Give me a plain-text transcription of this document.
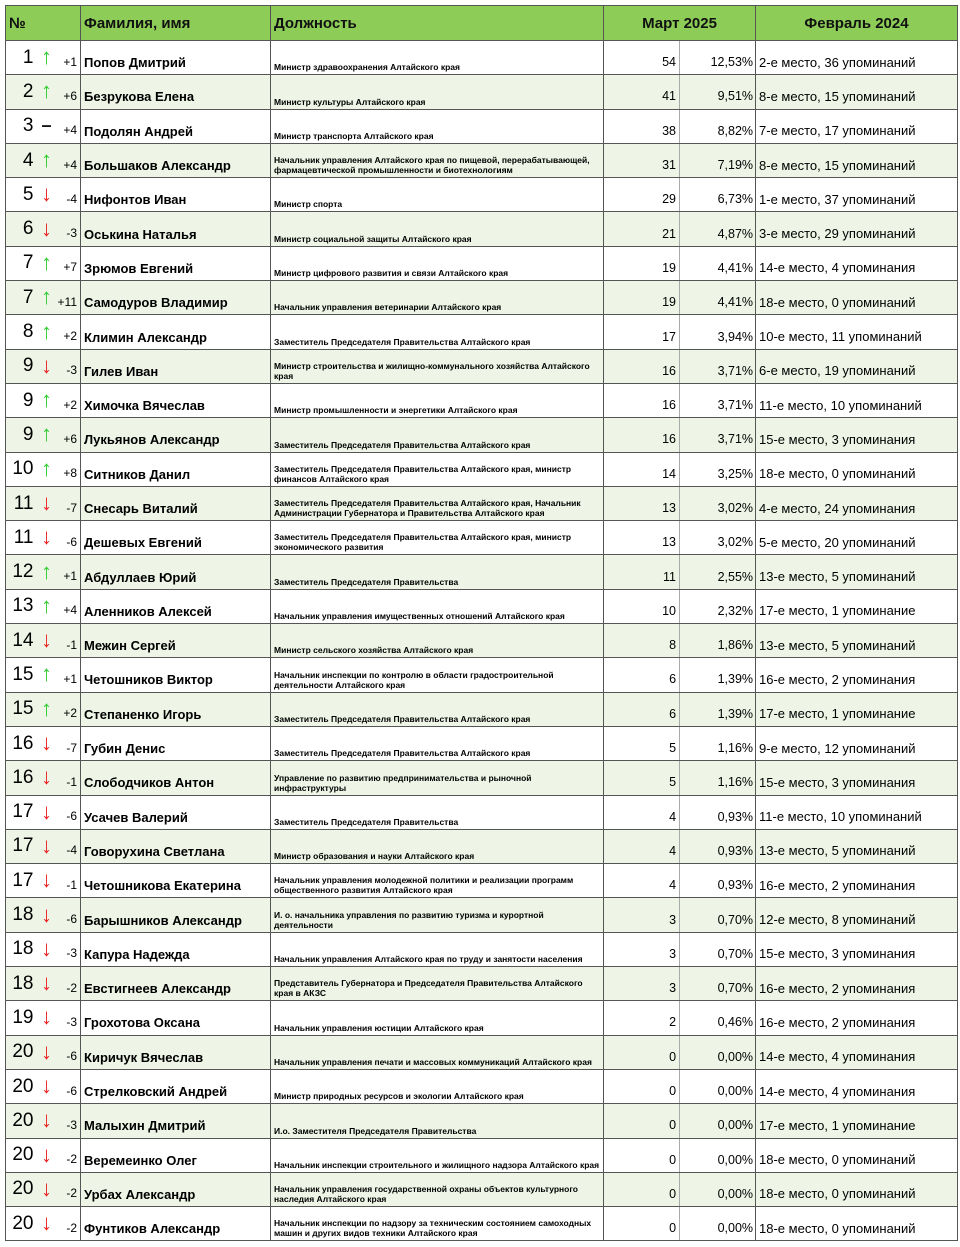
№			Фамилия, имя	Должность	Март 2025		Февраль 2024
1	↑	+1	Попов Дмитрий	Министр здравоохранения Алтайского края	54	12,53%	2-е место, 36 упоминаний
2	↑	+6	Безрукова Елена	Министр культуры Алтайского края	41	9,51%	8-е место, 15 упоминаний
3	–	+4	Подолян Андрей	Министр транспорта Алтайского края	38	8,82%	7-е место, 17 упоминаний
4	↑	+4	Большаков Александр	Начальник управления Алтайского края по пищевой, перерабатывающей, фармацевтической промышленности и биотехнологиям	31	7,19%	8-е место, 15 упоминаний
5	↓	-4	Нифонтов Иван	Министр спорта	29	6,73%	1-е место, 37 упоминаний
6	↓	-3	Оськина Наталья	Министр социальной защиты Алтайского края	21	4,87%	3-е место, 29 упоминаний
7	↑	+7	Зрюмов Евгений	Министр цифрового развития и связи Алтайского края	19	4,41%	14-е место, 4 упоминания
7	↑	+11	Самодуров Владимир	Начальник управления ветеринарии Алтайского края	19	4,41%	18-е место, 0 упоминаний
8	↑	+2	Климин Александр	Заместитель Председателя Правительства Алтайского края	17	3,94%	10-е место, 11 упоминаний
9	↓	-3	Гилев Иван	Министр строительства и жилищно-коммунального хозяйства Алтайского края	16	3,71%	6-е место, 19 упоминаний
9	↑	+2	Химочка Вячеслав	Министр промышленности и энергетики Алтайского края	16	3,71%	11-е место, 10 упоминаний
9	↑	+6	Лукьянов Александр	Заместитель Председателя Правительства Алтайского края	16	3,71%	15-е место, 3 упоминания
10	↑	+8	Ситников Данил	Заместитель Председателя Правительства Алтайского края, министр финансов Алтайского края	14	3,25%	18-е место, 0 упоминаний
11	↓	-7	Снесарь Виталий	Заместитель Председателя Правительства Алтайского края, Начальник Администрации Губернатора и Правительства Алтайского края	13	3,02%	4-е место, 24 упоминания
11	↓	-6	Дешевых Евгений	Заместитель Председателя Правительства Алтайского края, министр экономического развития	13	3,02%	5-е место, 20 упоминаний
12	↑	+1	Абдуллаев Юрий	Заместитель Председателя Правительства	11	2,55%	13-е место, 5 упоминаний
13	↑	+4	Аленников Алексей	Начальник управления имущественных отношений Алтайского края	10	2,32%	17-е место, 1 упоминание
14	↓	-1	Межин Сергей	Министр сельского хозяйства Алтайского края	8	1,86%	13-е место, 5 упоминаний
15	↑	+1	Четошников Виктор	Начальник инспекции по контролю в области градостроительной деятельности Алтайского края	6	1,39%	16-е место, 2 упоминания
15	↑	+2	Степаненко Игорь	Заместитель Председателя Правительства Алтайского края	6	1,39%	17-е место, 1 упоминание
16	↓	-7	Губин Денис	Заместитель Председателя Правительства Алтайского края	5	1,16%	9-е место, 12 упоминаний
16	↓	-1	Слободчиков Антон	Управление по развитию предпринимательства и рыночной инфраструктуры	5	1,16%	15-е место, 3 упоминания
17	↓	-6	Усачев Валерий	Заместитель Председателя Правительства	4	0,93%	11-е место, 10 упоминаний
17	↓	-4	Говорухина Светлана	Министр образования и науки Алтайского края	4	0,93%	13-е место, 5 упоминаний
17	↓	-1	Четошникова Екатерина	Начальник управления молодежной политики и реализации программ общественного развития Алтайского края	4	0,93%	16-е место, 2 упоминания
18	↓	-6	Барышников Александр	И. о. начальника управления по развитию туризма и курортной деятельности	3	0,70%	12-е место, 8 упоминаний
18	↓	-3	Капура Надежда	Начальник управления Алтайского края по труду и занятости населения	3	0,70%	15-е место, 3 упоминания
18	↓	-2	Евстигнеев Александр	Представитель Губернатора и Председателя Правительства Алтайского края в АКЗС	3	0,70%	16-е место, 2 упоминания
19	↓	-3	Грохотова Оксана	Начальник управления юстиции Алтайского края	2	0,46%	16-е место, 2 упоминания
20	↓	-6	Киричук Вячеслав	Начальник управления печати и массовых коммуникаций Алтайского края	0	0,00%	14-е место, 4 упоминания
20	↓	-6	Стрелковский Андрей	Министр природных ресурсов и экологии Алтайского края	0	0,00%	14-е место, 4 упоминания
20	↓	-3	Малыхин Дмитрий	И.о. Заместителя Председателя Правительства	0	0,00%	17-е место, 1 упоминание
20	↓	-2	Веремеинко Олег	Начальник инспекции строительного и жилищного надзора Алтайского края	0	0,00%	18-е место, 0 упоминаний
20	↓	-2	Урбах Александр	Начальник управления государственной охраны объектов культурного наследия Алтайского края	0	0,00%	18-е место, 0 упоминаний
20	↓	-2	Фунтиков Александр	Начальник инспекции по надзору за техническим состоянием самоходных машин и других видов техники Алтайского края	0	0,00%	18-е место, 0 упоминаний
